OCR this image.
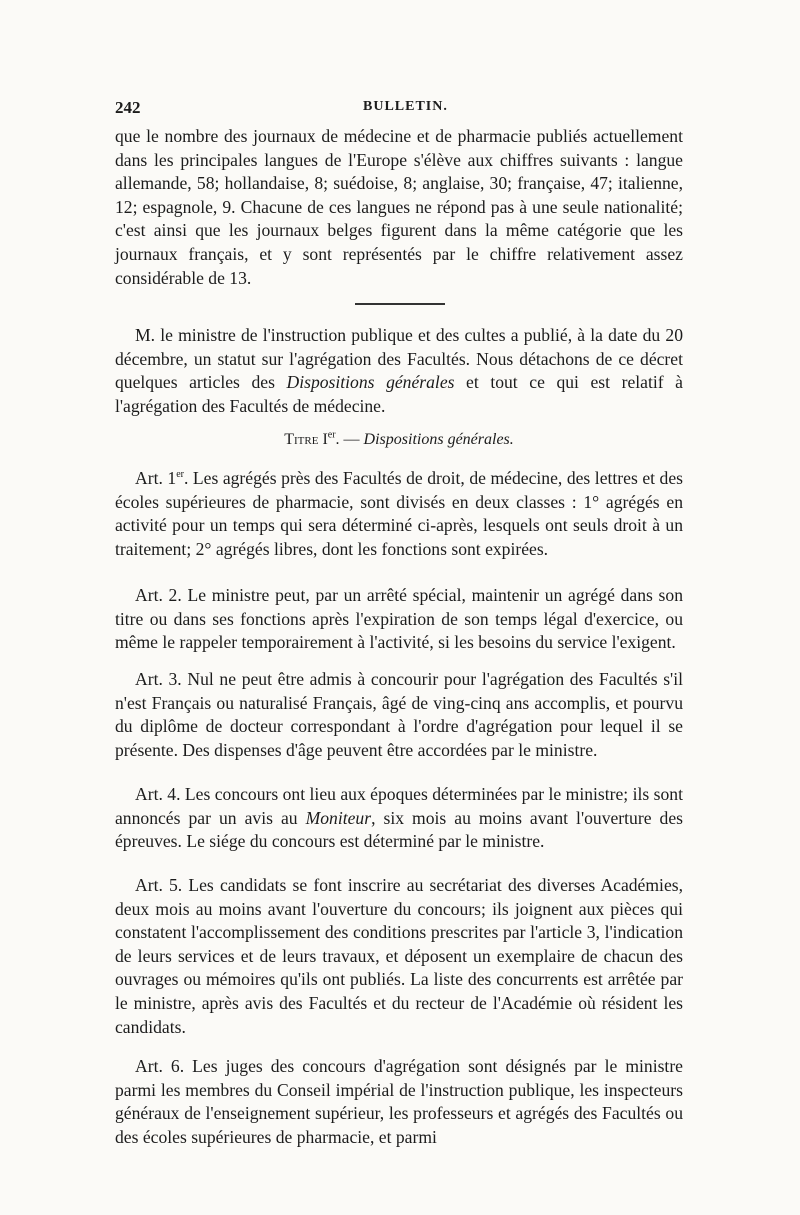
242	BULLETIN.

que le nombre des journaux de médecine et de pharmacie publiés actuellement dans les principales langues de l'Europe s'élève aux chiffres suivants : langue allemande, 58; hollandaise, 8; suédoise, 8; anglaise, 30; française, 47; italienne, 12; espagnole, 9. Chacune de ces langues ne répond pas à une seule nationalité; c'est ainsi que les journaux belges figurent dans la même catégorie que les journaux français, et y sont représentés par le chiffre relativement assez considérable de 13.

M. le ministre de l'instruction publique et des cultes a publié, à la date du 20 décembre, un statut sur l'agrégation des Facultés. Nous détachons de ce décret quelques articles des Dispositions générales et tout ce qui est relatif à l'agrégation des Facultés de médecine.

Titre Ier. — Dispositions générales.

Art. 1er. Les agrégés près des Facultés de droit, de médecine, des lettres et des écoles supérieures de pharmacie, sont divisés en deux classes : 1° agrégés en activité pour un temps qui sera déterminé ci-après, lesquels ont seuls droit à un traitement; 2° agrégés libres, dont les fonctions sont expirées.

Art. 2. Le ministre peut, par un arrêté spécial, maintenir un agrégé dans son titre ou dans ses fonctions après l'expiration de son temps légal d'exercice, ou même le rappeler temporairement à l'activité, si les besoins du service l'exigent.

Art. 3. Nul ne peut être admis à concourir pour l'agrégation des Facultés s'il n'est Français ou naturalisé Français, âgé de ving-cinq ans accomplis, et pourvu du diplôme de docteur correspondant à l'ordre d'agrégation pour lequel il se présente. Des dispenses d'âge peuvent être accordées par le ministre.

Art. 4. Les concours ont lieu aux époques déterminées par le ministre; ils sont annoncés par un avis au Moniteur, six mois au moins avant l'ouverture des épreuves. Le siége du concours est déterminé par le ministre.

Art. 5. Les candidats se font inscrire au secrétariat des diverses Académies, deux mois au moins avant l'ouverture du concours; ils joignent aux pièces qui constatent l'accomplissement des conditions prescrites par l'article 3, l'indication de leurs services et de leurs travaux, et déposent un exemplaire de chacun des ouvrages ou mémoires qu'ils ont publiés. La liste des concurrents est arrêtée par le ministre, après avis des Facultés et du recteur de l'Académie où résident les candidats.

Art. 6. Les juges des concours d'agrégation sont désignés par le ministre parmi les membres du Conseil impérial de l'instruction publique, les inspecteurs généraux de l'enseignement supérieur, les professeurs et agrégés des Facultés ou des écoles supérieures de pharmacie, et parmi
